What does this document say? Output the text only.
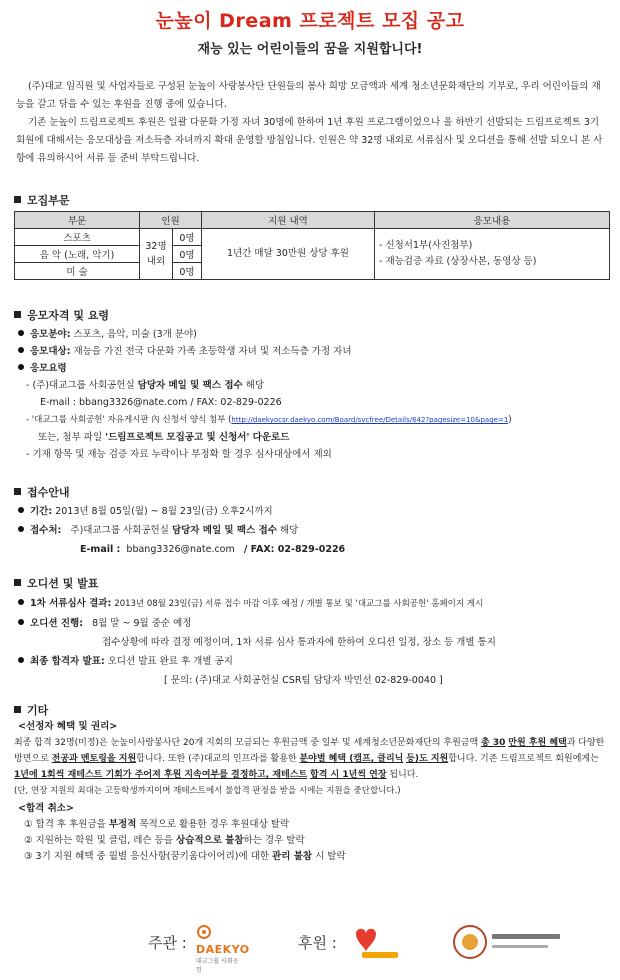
눈높이 Dream 프로젝트 모집 공고
재능 있는 어린이들의 꿈을 지원합니다!

(주)대교 임직원 및 사업자들로 구성된 눈높이 사랑봉사단 단원들의 봉사 희망 모금액과 세계 청소년문화재단의 기부로, 우리 어린이들의 재능을 갈고 닦을 수 있는 후원을 진행 중에 있습니다.

기존 눈높이 드림프로젝트 후원은 일괄 다문화 가정 자녀 30명에 한하여 1년 후원 프로그램이었으나 올 하반기 선발되는 드림프로젝트 3기 회원에 대해서는 응모대상을 저소득층 자녀까지 확대 운영할 방침입니다. 인원은 약 32명 내외로 서류심사 및 오디션을 통해 선발 되오니 본 사항에 유의하시어 서류 등 준비 부탁드립니다.

모집부문
부문	인원		지원 내역	응모내용
스포츠	32명 내외	0명	1년간 매달 30만원 상당 후원	- 신청서1부(사진첨부)
- 재능검증 자료 (상장사본, 동영상 등)

음 악 (노래, 악기)		0명		
미 술		0명		
응모자격 및 요령
응모분야: 스포츠, 음악, 미술 (3개 분야)
응모대상: 재능을 가진 전국 다문화 가족 초등학생 자녀 및 저소득층 가정 자녀
응모요령
- (주)대교그룹 사회공헌실 담당자 메일 및 팩스 접수 해당
E-mail : bbang3326@nate.com / FAX: 02-829-0226
- '대교그룹 사회공헌' 자유게시판 內 신청서 양식 첨부 (http://daekyocsr.daekyo.com/Board/svcfree/Details/642?pagesize=10&page=1)
또는, 첨부 파일 '드림프로젝트 모집공고 및 신청서' 다운로드
- 기재 항목 및 재능 검증 자료 누락이나 부정확 할 경우 심사대상에서 제외
접수안내
기간: 2013년 8월 05일(월) ~ 8월 23일(금) 오후2시까지
접수처: 주)대교그룹 사회공헌실 담당자 메일 및 팩스 접수 해당
E-mail : bbang3326@nate.com / FAX: 02-829-0226
오디션 및 발표
1차 서류심사 결과: 2013년 08월 23일(금) 서류 접수 마감 이후 예정 / 개별 통보 및 '대교그룹 사회공헌' 홈페이지 게시
오디션 진행: 8월 말 ~ 9월 중순 예정
접수상황에 따라 결정 예정이며, 1차 서류 심사 통과자에 한하여 오디션 일정, 장소 등 개별 통지
최종 합격자 발표: 오디션 발표 완료 후 개별 공지
[ 문의: (주)대교 사회공헌실 CSR팀 담당자 박민선 02-829-0040 ]
기타
<선정자 혜택 및 권리>
최종 합격 32명(미정)은 눈높이사랑봉사단 20개 지회의 모금되는 후원금액 중 일부 및 세계청소년문화재단의 후원금액 총 30 만원 후원 혜택과 다양한 방면으로 전공과 멘토링을 지원합니다. 또한 (주)대교의 인프라를 활용한 분야별 혜택 (캠프, 클리닉 등)도 지원합니다. 기존 드림프로젝트 회원에게는 1년에 1회씩 재테스트 기회가 주어져 후원 지속여부를 결정하고, 재테스트 합격 시 1년씩 연장 됩니다.
(단, 연장 지원의 최대는 고등학생까지이며 재테스트에서 불합격 판정을 받을 시에는 지원을 중단합니다.)
<합격 취소>
① 합격 후 후원금을 부정적 목적으로 활용한 경우 후원대상 탈락
② 지원하는 학원 및 클럽, 레슨 등을 상습적으로 불참하는 경우 탈락
③ 3기 지원 혜택 중 월별 응신사항(꿈키움다이어리)에 대한 관리 불참 시 탈락
주관 : DAEKYO
대교그룹 사회공헌
후원 :
